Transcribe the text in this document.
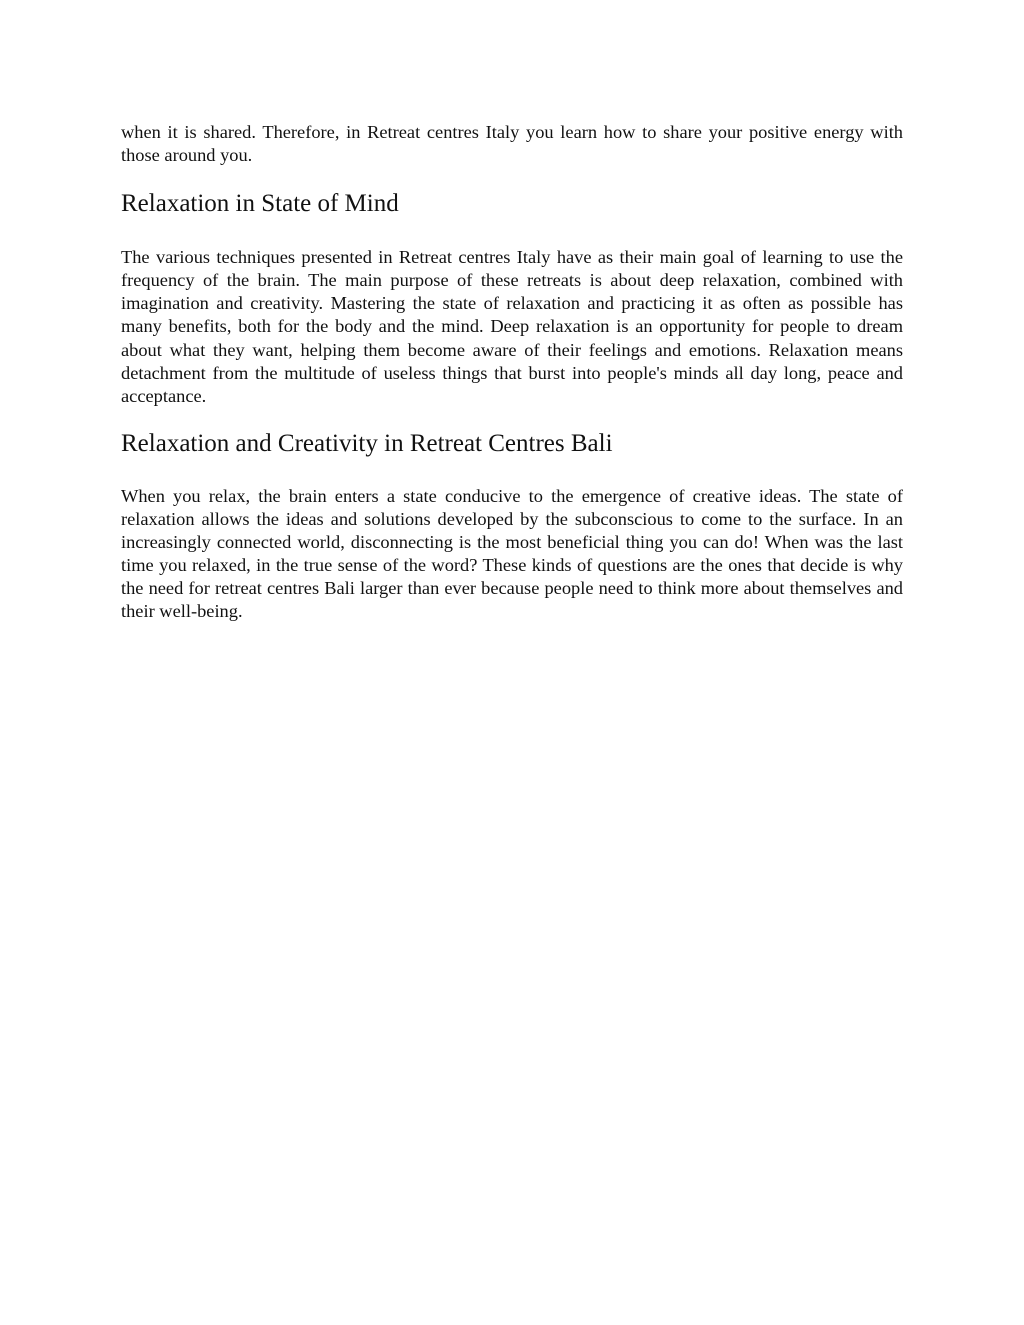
when it is shared. Therefore, in Retreat centres Italy you learn how to share your positive energy with those around you.

Relaxation in State of Mind

The various techniques presented in Retreat centres Italy have as their main goal of learning to use the frequency of the brain. The main purpose of these retreats is about deep relaxation, combined with imagination and creativity. Mastering the state of relaxation and practicing it as often as possible has many benefits, both for the body and the mind. Deep relaxation is an opportunity for people to dream about what they want, helping them become aware of their feelings and emotions. Relaxation means detachment from the multitude of useless things that burst into people's minds all day long, peace and acceptance.

Relaxation and Creativity in Retreat Centres Bali

When you relax, the brain enters a state conducive to the emergence of creative ideas. The state of relaxation allows the ideas and solutions developed by the subconscious to come to the surface. In an increasingly connected world, disconnecting is the most beneficial thing you can do! When was the last time you relaxed, in the true sense of the word? These kinds of questions are the ones that decide is why the need for retreat centres Bali larger than ever because people need to think more about themselves and their well-being.
